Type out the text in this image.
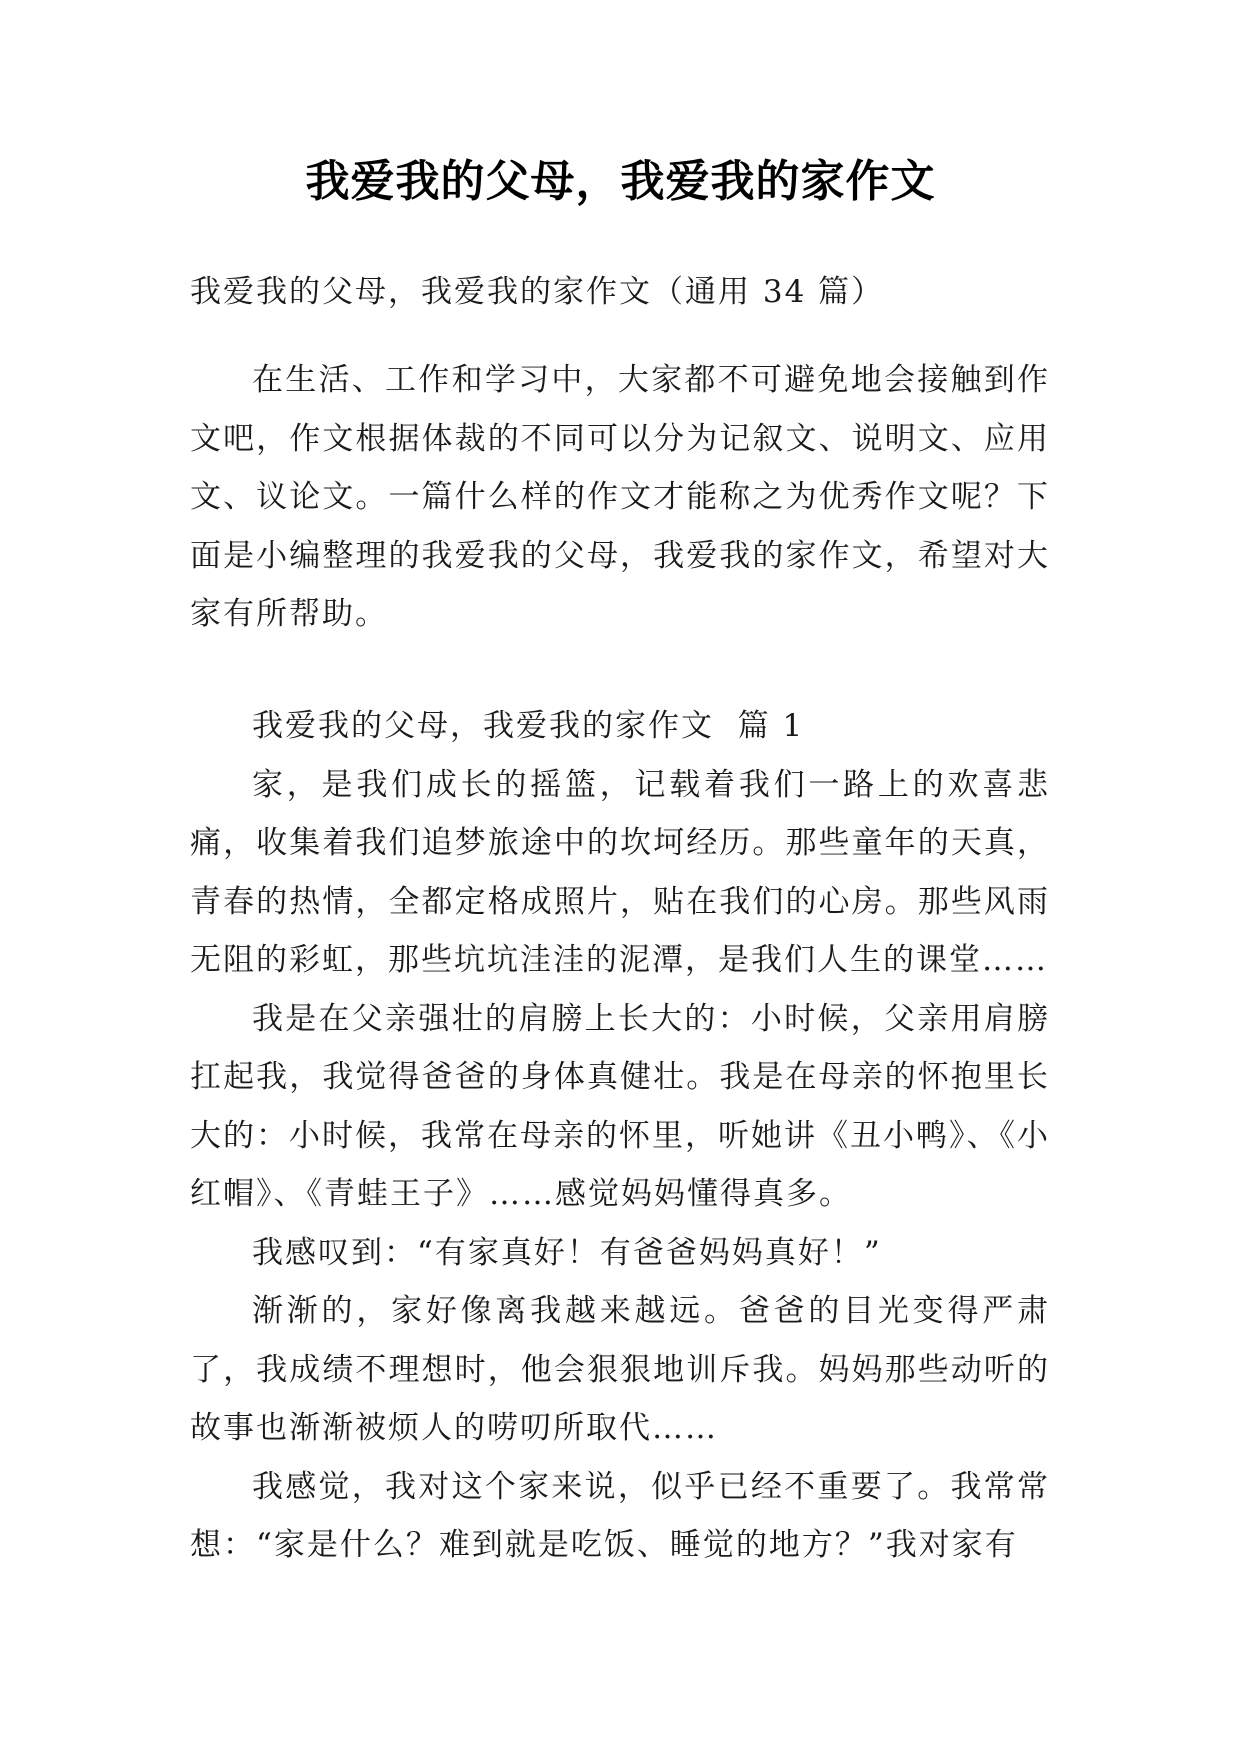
我爱我的父母，我爱我的家作文

我爱我的父母，我爱我的家作文（通用 34 篇）

在生活、工作和学习中，大家都不可避免地会接触到作文吧，作文根据体裁的不同可以分为记叙文、说明文、应用文、议论文。一篇什么样的作文才能称之为优秀作文呢？下面是小编整理的我爱我的父母，我爱我的家作文，希望对大家有所帮助。

我爱我的父母，我爱我的家作文  篇 1

家，是我们成长的摇篮，记载着我们一路上的欢喜悲痛，收集着我们追梦旅途中的坎坷经历。那些童年的天真，青春的热情，全都定格成照片，贴在我们的心房。那些风雨无阻的彩虹，那些坑坑洼洼的泥潭，是我们人生的课堂……

我是在父亲强壮的肩膀上长大的：小时候，父亲用肩膀扛起我，我觉得爸爸的身体真健壮。我是在母亲的怀抱里长大的：小时候，我常在母亲的怀里，听她讲《丑小鸭》、《小红帽》、《青蛙王子》……感觉妈妈懂得真多。

我感叹到：“有家真好！有爸爸妈妈真好！”

渐渐的，家好像离我越来越远。爸爸的目光变得严肃了，我成绩不理想时，他会狠狠地训斥我。妈妈那些动听的故事也渐渐被烦人的唠叨所取代……

我感觉，我对这个家来说，似乎已经不重要了。我常常想：“家是什么？难到就是吃饭、睡觉的地方？”我对家有
